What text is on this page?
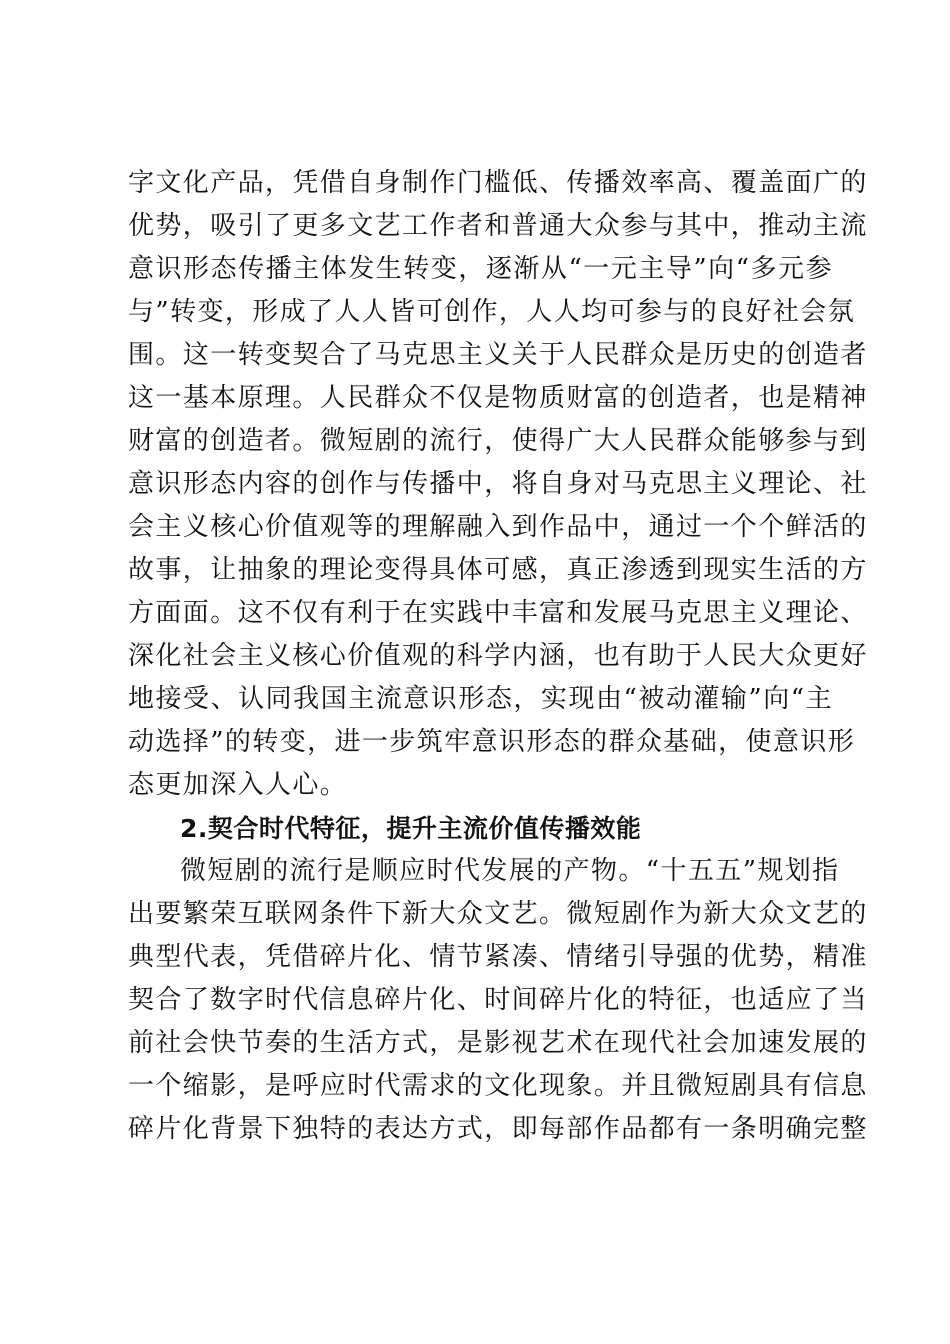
字文化产品，凭借自身制作门槛低、传播效率高、覆盖面广的
优势，吸引了更多文艺工作者和普通大众参与其中，推动主流
意识形态传播主体发生转变，逐渐从“一元主导”向“多元参
与”转变，形成了人人皆可创作，人人均可参与的良好社会氛
围。这一转变契合了马克思主义关于人民群众是历史的创造者
这一基本原理。人民群众不仅是物质财富的创造者，也是精神
财富的创造者。微短剧的流行，使得广大人民群众能够参与到
意识形态内容的创作与传播中，将自身对马克思主义理论、社
会主义核心价值观等的理解融入到作品中，通过一个个鲜活的
故事，让抽象的理论变得具体可感，真正渗透到现实生活的方
方面面。这不仅有利于在实践中丰富和发展马克思主义理论、
深化社会主义核心价值观的科学内涵，也有助于人民大众更好
地接受、认同我国主流意识形态，实现由“被动灌输”向“主
动选择”的转变，进一步筑牢意识形态的群众基础，使意识形
态更加深入人心。
2.契合时代特征，提升主流价值传播效能
微短剧的流行是顺应时代发展的产物。“十五五”规划指
出要繁荣互联网条件下新大众文艺。微短剧作为新大众文艺的
典型代表，凭借碎片化、情节紧凑、情绪引导强的优势，精准
契合了数字时代信息碎片化、时间碎片化的特征，也适应了当
前社会快节奏的生活方式，是影视艺术在现代社会加速发展的
一个缩影，是呼应时代需求的文化现象。并且微短剧具有信息
碎片化背景下独特的表达方式，即每部作品都有一条明确完整
